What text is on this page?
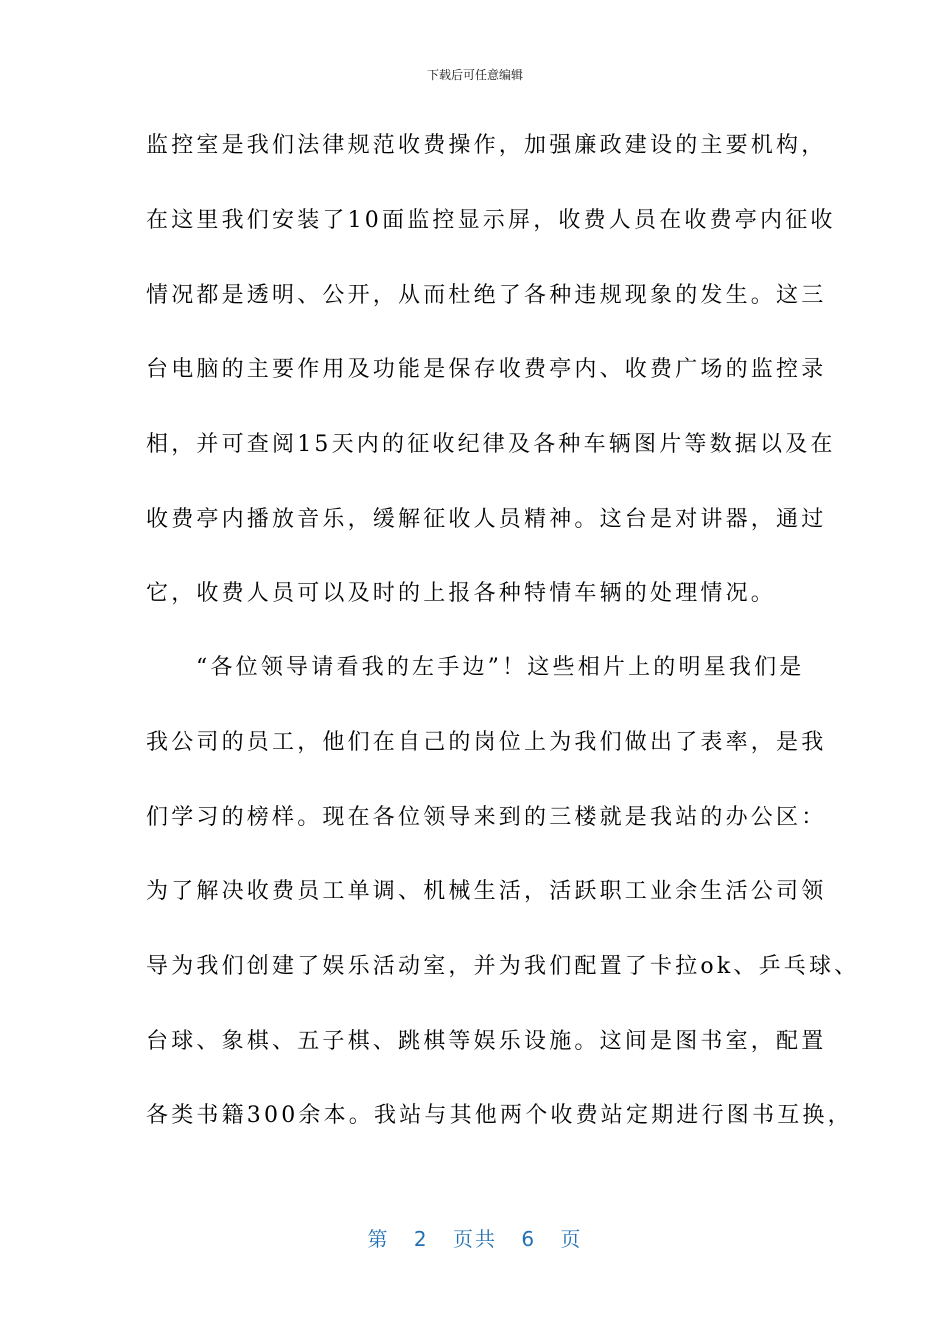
下载后可任意编辑
监控室是我们法律规范收费操作，加强廉政建设的主要机构，
在这里我们安装了10面监控显示屏，收费人员在收费亭内征收
情况都是透明、公开，从而杜绝了各种违规现象的发生。这三
台电脑的主要作用及功能是保存收费亭内、收费广场的监控录
相，并可查阅15天内的征收纪律及各种车辆图片等数据以及在
收费亭内播放音乐，缓解征收人员精神。这台是对讲器，通过
它，收费人员可以及时的上报各种特情车辆的处理情况。
“各位领导请看我的左手边”！这些相片上的明星我们是
我公司的员工，他们在自己的岗位上为我们做出了表率，是我
们学习的榜样。现在各位领导来到的三楼就是我站的办公区：
为了解决收费员工单调、机械生活，活跃职工业余生活公司领
导为我们创建了娱乐活动室，并为我们配置了卡拉ok、乒乓球、
台球、象棋、五子棋、跳棋等娱乐设施。这间是图书室，配置
各类书籍300余本。我站与其他两个收费站定期进行图书互换，
第 2 页共 6 页
